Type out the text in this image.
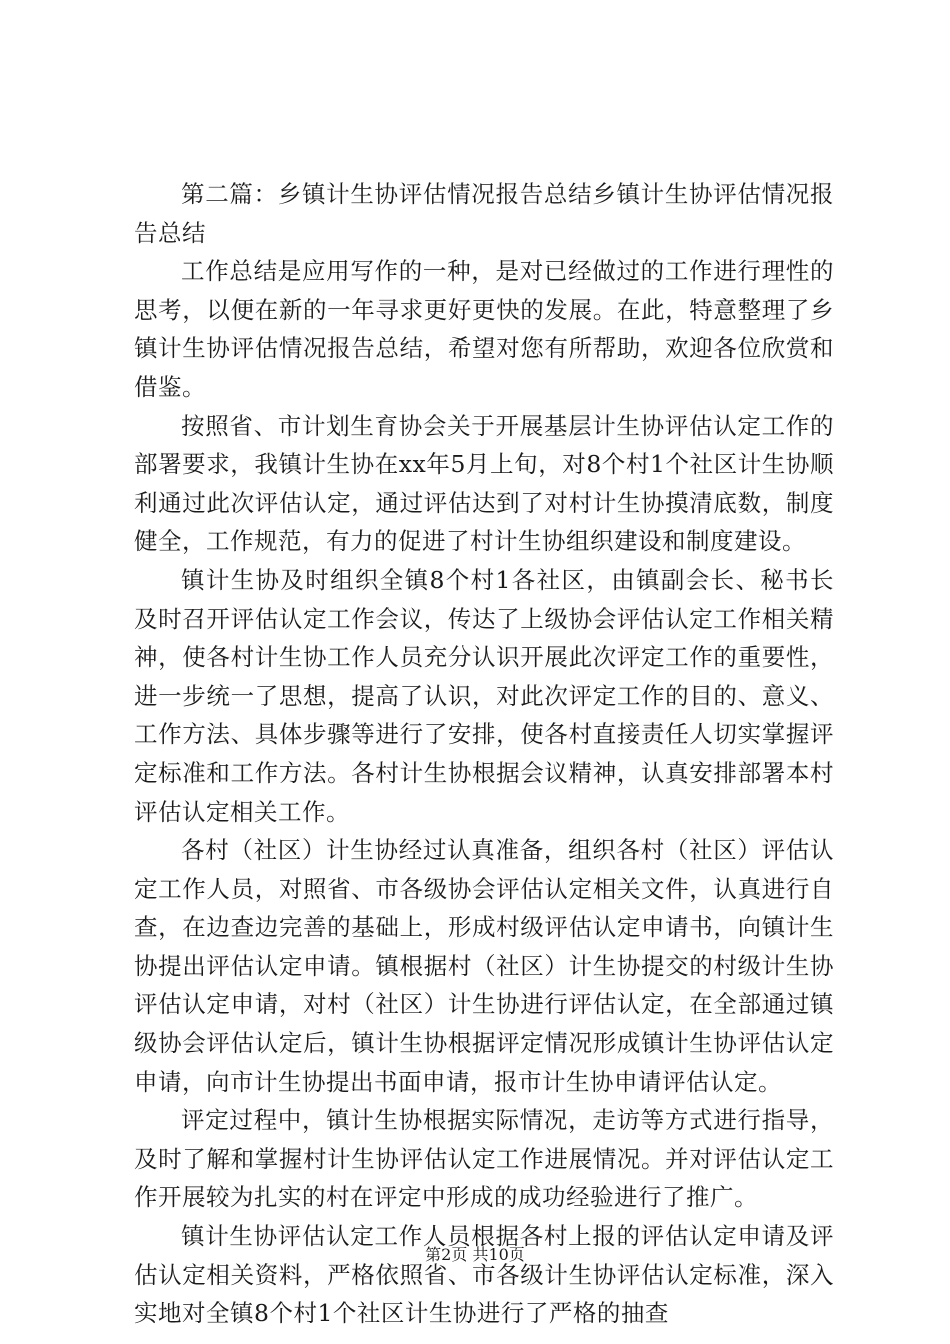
第二篇：乡镇计生协评估情况报告总结乡镇计生协评估情况报告总结

工作总结是应用写作的一种，是对已经做过的工作进行理性的思考，以便在新的一年寻求更好更快的发展。在此，特意整理了乡镇计生协评估情况报告总结，希望对您有所帮助，欢迎各位欣赏和借鉴。

按照省、市计划生育协会关于开展基层计生协评估认定工作的部署要求，我镇计生协在xx年5月上旬，对8个村1个社区计生协顺利通过此次评估认定，通过评估达到了对村计生协摸清底数，制度健全，工作规范，有力的促进了村计生协组织建设和制度建设。

镇计生协及时组织全镇8个村1各社区，由镇副会长、秘书长及时召开评估认定工作会议，传达了上级协会评估认定工作相关精神，使各村计生协工作人员充分认识开展此次评定工作的重要性，进一步统一了思想，提高了认识，对此次评定工作的目的、意义、工作方法、具体步骤等进行了安排，使各村直接责任人切实掌握评定标准和工作方法。各村计生协根据会议精神，认真安排部署本村评估认定相关工作。

各村（社区）计生协经过认真准备，组织各村（社区）评估认定工作人员，对照省、市各级协会评估认定相关文件，认真进行自查，在边查边完善的基础上，形成村级评估认定申请书，向镇计生协提出评估认定申请。镇根据村（社区）计生协提交的村级计生协评估认定申请，对村（社区）计生协进行评估认定，在全部通过镇级协会评估认定后，镇计生协根据评定情况形成镇计生协评估认定申请，向市计生协提出书面申请，报市计生协申请评估认定。

评定过程中，镇计生协根据实际情况，走访等方式进行指导，及时了解和掌握村计生协评估认定工作进展情况。并对评估认定工作开展较为扎实的村在评定中形成的成功经验进行了推广。

镇计生协评估认定工作人员根据各村上报的评估认定申请及评估认定相关资料，严格依照省、市各级计生协评估认定标准，深入实地对全镇8个村1个社区计生协进行了严格的抽查

第2页 共10页
